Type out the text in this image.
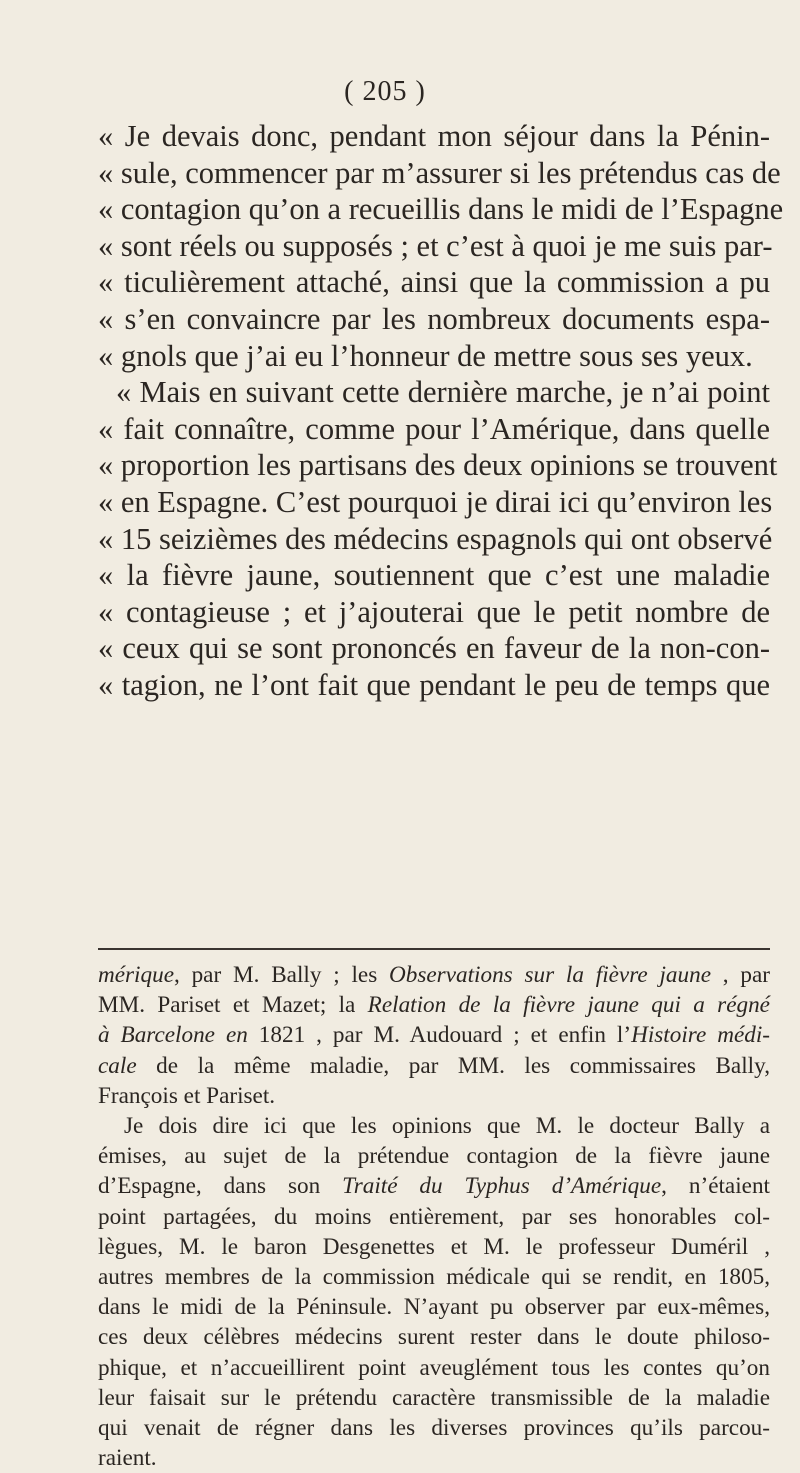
( 205 )
« Je devais donc, pendant mon séjour dans la Pénin-
« sule, commencer par m’assurer si les prétendus cas de
« contagion qu’on a recueillis dans le midi de l’Espagne
« sont réels ou supposés ; et c’est à quoi je me suis par-
« ticulièrement attaché, ainsi que la commission a pu
« s’en convaincre par les nombreux documents espa-
« gnols que j’ai eu l’honneur de mettre sous ses yeux.
« Mais en suivant cette dernière marche, je n’ai point
« fait connaître, comme pour l’Amérique, dans quelle
« proportion les partisans des deux opinions se trouvent
« en Espagne. C’est pourquoi je dirai ici qu’environ les
« 15 seizièmes des médecins espagnols qui ont observé
« la fièvre jaune, soutiennent que c’est une maladie
« contagieuse ; et j’ajouterai que le petit nombre de
« ceux qui se sont prononcés en faveur de la non-con-
« tagion, ne l’ont fait que pendant le peu de temps que
mérique, par M. Bally ; les Observations sur la fièvre jaune , par
MM. Pariset et Mazet; la Relation de la fièvre jaune qui a régné
à Barcelone en 1821 , par M. Audouard ; et enfin l’Histoire médi-
cale de la même maladie, par MM. les commissaires Bally,
François et Pariset.
Je dois dire ici que les opinions que M. le docteur Bally a
émises, au sujet de la prétendue contagion de la fièvre jaune
d’Espagne, dans son Traité du Typhus d’Amérique, n’étaient
point partagées, du moins entièrement, par ses honorables col-
lègues, M. le baron Desgenettes et M. le professeur Duméril ,
autres membres de la commission médicale qui se rendit, en 1805,
dans le midi de la Péninsule. N’ayant pu observer par eux-mêmes,
ces deux célèbres médecins surent rester dans le doute philoso-
phique, et n’accueillirent point aveuglément tous les contes qu’on
leur faisait sur le prétendu caractère transmissible de la maladie
qui venait de régner dans les diverses provinces qu’ils parcou-
raient.
